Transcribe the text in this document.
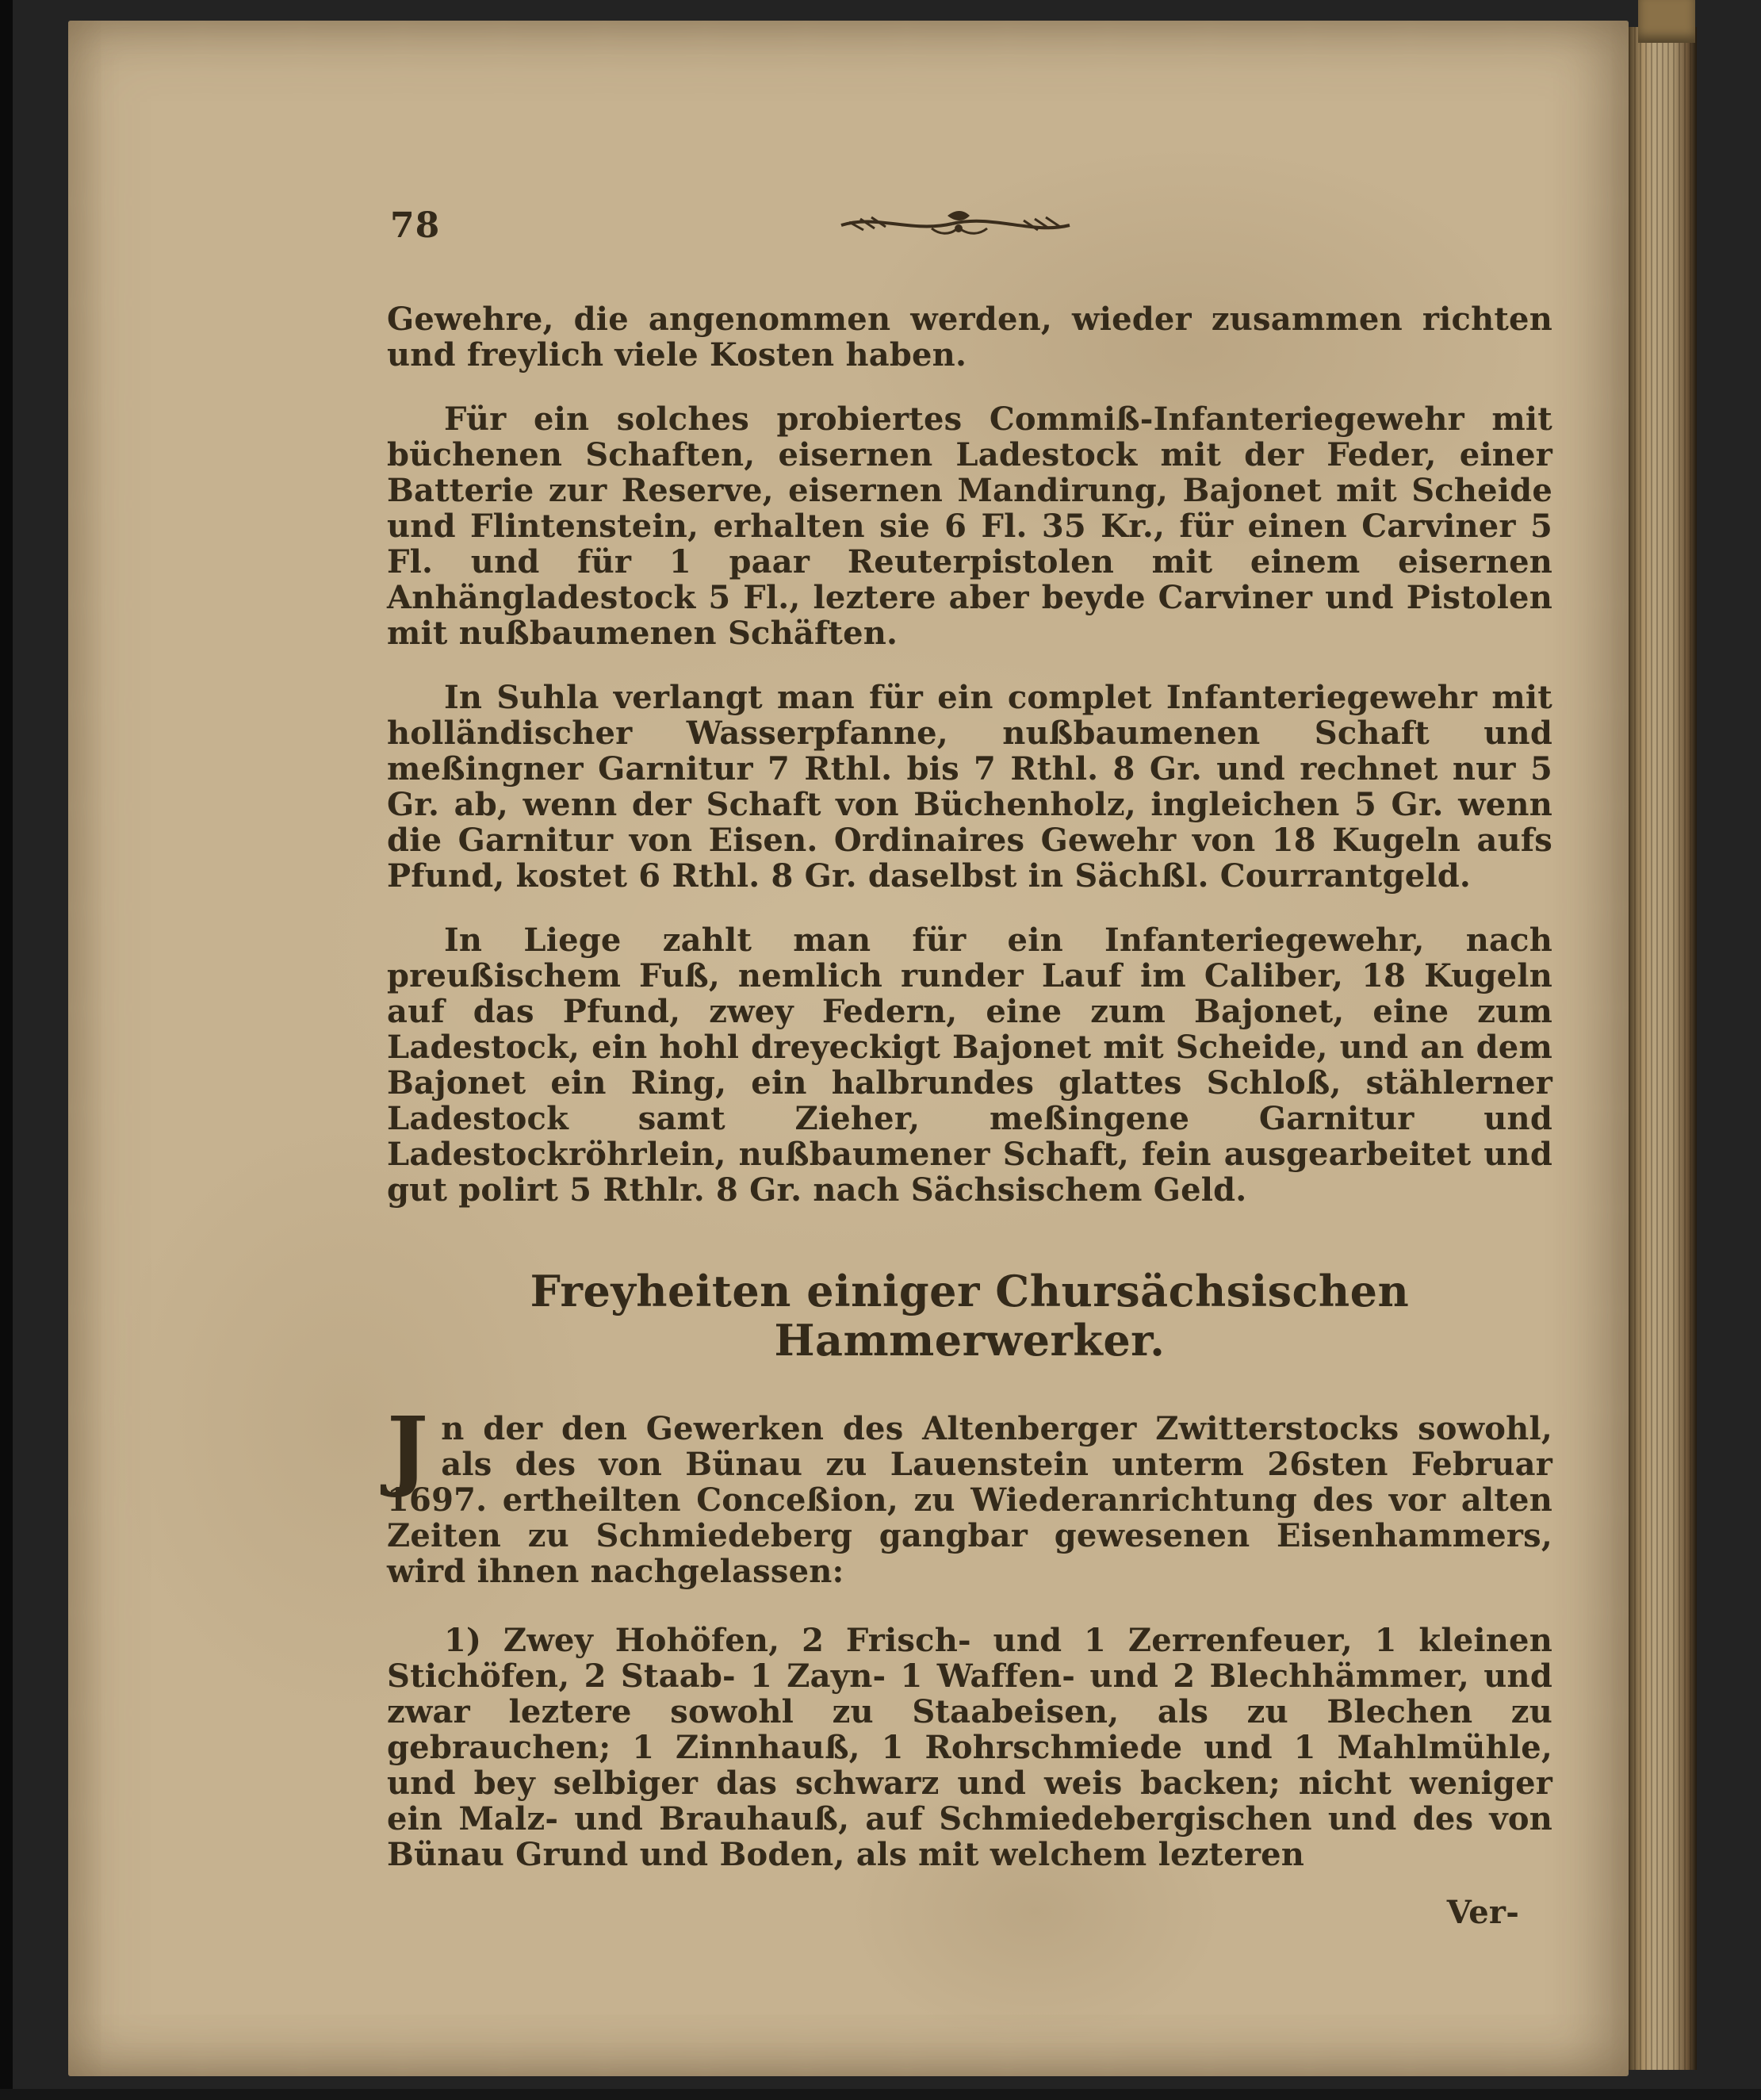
78

Gewehre, die angenommen werden, wieder zusammen richten und freylich viele Kosten haben.

Für ein solches probiertes Commiß-Infanteriegewehr mit büchenen Schaften, eisernen Ladestock mit der Feder, einer Batterie zur Reserve, eisernen Mandirung, Bajonet mit Scheide und Flintenstein, erhalten sie 6 Fl. 35 Kr., für einen Carviner 5 Fl. und für 1 paar Reuterpistolen mit einem eisernen Anhängladestock 5 Fl., leztere aber beyde Carviner und Pistolen mit nußbaumenen Schäften.

In Suhla verlangt man für ein complet Infanteriegewehr mit holländischer Wasserpfanne, nußbaumenen Schaft und meßingner Garnitur 7 Rthl. bis 7 Rthl. 8 Gr. und rechnet nur 5 Gr. ab, wenn der Schaft von Büchenholz, ingleichen 5 Gr. wenn die Garnitur von Eisen. Ordinaires Gewehr von 18 Kugeln aufs Pfund, kostet 6 Rthl. 8 Gr. daselbst in Sächßl. Courrantgeld.

In Liege zahlt man für ein Infanteriegewehr, nach preußischem Fuß, nemlich runder Lauf im Caliber, 18 Kugeln auf das Pfund, zwey Federn, eine zum Bajonet, eine zum Ladestock, ein hohl dreyeckigt Bajonet mit Scheide, und an dem Bajonet ein Ring, ein halbrundes glattes Schloß, stählerner Ladestock samt Zieher, meßingene Garnitur und Ladestockröhrlein, nußbaumener Schaft, fein ausgearbeitet und gut polirt 5 Rthlr. 8 Gr. nach Sächsischem Geld.

Freyheiten einiger Chursächsischen Hammerwerker.

Jn der den Gewerken des Altenberger Zwitterstocks sowohl, als des von Bünau zu Lauenstein unterm 26sten Februar 1697. ertheilten Conceßion, zu Wiederanrichtung des vor alten Zeiten zu Schmiedeberg gangbar gewesenen Eisenhammers, wird ihnen nachgelassen:

1) Zwey Hohöfen, 2 Frisch- und 1 Zerrenfeuer, 1 kleinen Stichöfen, 2 Staab- 1 Zayn- 1 Waffen- und 2 Blechhämmer, und zwar leztere sowohl zu Staabeisen, als zu Blechen zu gebrauchen; 1 Zinnhauß, 1 Rohrschmiede und 1 Mahlmühle, und bey selbiger das schwarz und weis backen; nicht weniger ein Malz- und Brauhauß, auf Schmiedebergischen und des von Bünau Grund und Boden, als mit welchem lezteren

Ver-
